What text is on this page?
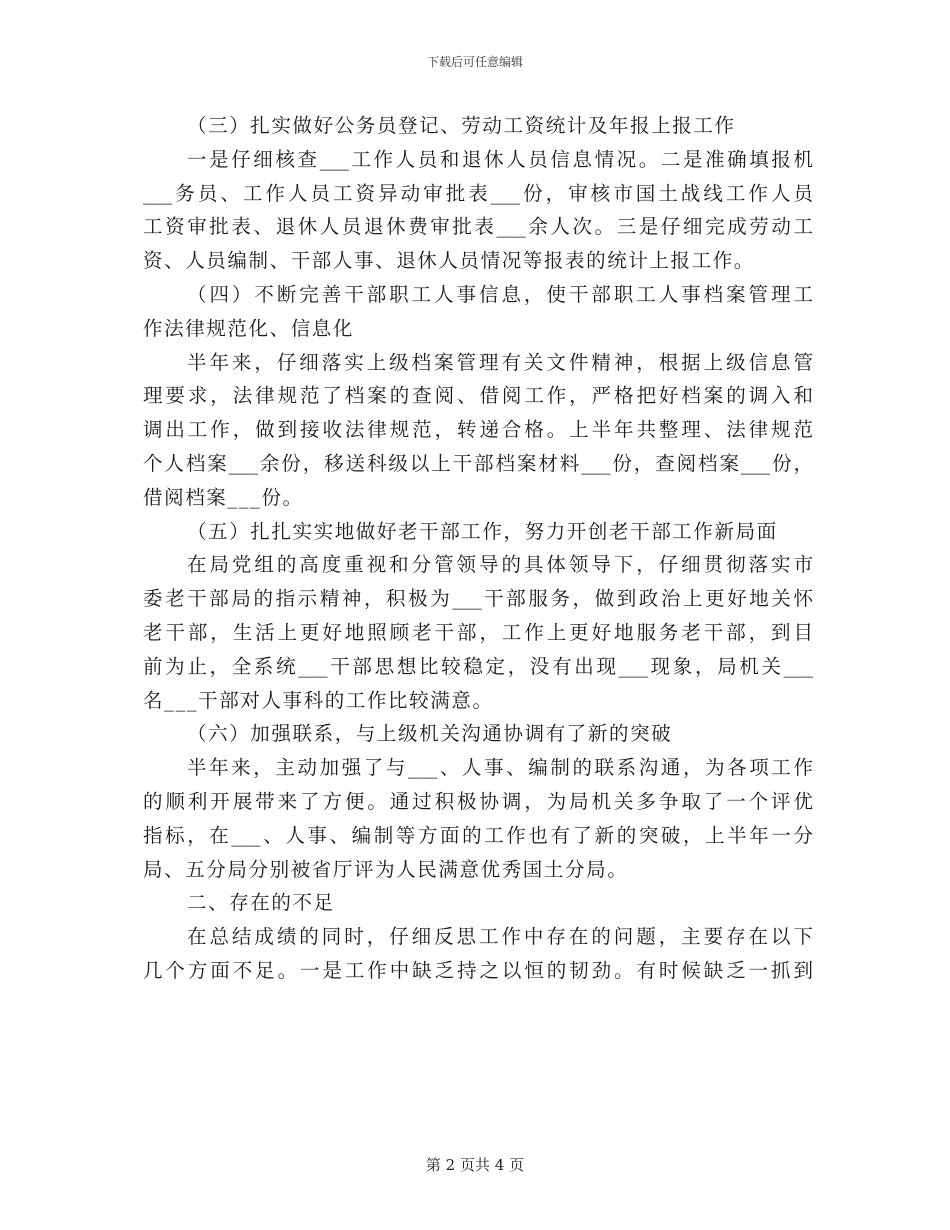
下载后可任意编辑
（三）扎实做好公务员登记、劳动工资统计及年报上报工作
一是仔细核查___工作人员和退休人员信息情况。二是准确填报机
___务员、工作人员工资异动审批表___份，审核市国土战线工作人员
工资审批表、退休人员退休费审批表___余人次。三是仔细完成劳动工
资、人员编制、干部人事、退休人员情况等报表的统计上报工作。
（四）不断完善干部职工人事信息，使干部职工人事档案管理工
作法律规范化、信息化
半年来，仔细落实上级档案管理有关文件精神，根据上级信息管
理要求，法律规范了档案的查阅、借阅工作，严格把好档案的调入和
调出工作，做到接收法律规范，转递合格。上半年共整理、法律规范
个人档案___余份，移送科级以上干部档案材料___份，查阅档案___份，
借阅档案___份。
（五）扎扎实实地做好老干部工作，努力开创老干部工作新局面
在局党组的高度重视和分管领导的具体领导下，仔细贯彻落实市
委老干部局的指示精神，积极为___干部服务，做到政治上更好地关怀
老干部，生活上更好地照顾老干部，工作上更好地服务老干部，到目
前为止，全系统___干部思想比较稳定，没有出现___现象，局机关___
名___干部对人事科的工作比较满意。
（六）加强联系，与上级机关沟通协调有了新的突破
半年来，主动加强了与___、人事、编制的联系沟通，为各项工作
的顺利开展带来了方便。通过积极协调，为局机关多争取了一个评优
指标，在___、人事、编制等方面的工作也有了新的突破，上半年一分
局、五分局分别被省厅评为人民满意优秀国土分局。
二、存在的不足
在总结成绩的同时，仔细反思工作中存在的问题，主要存在以下
几个方面不足。一是工作中缺乏持之以恒的韧劲。有时候缺乏一抓到
第 2 页共 4 页
